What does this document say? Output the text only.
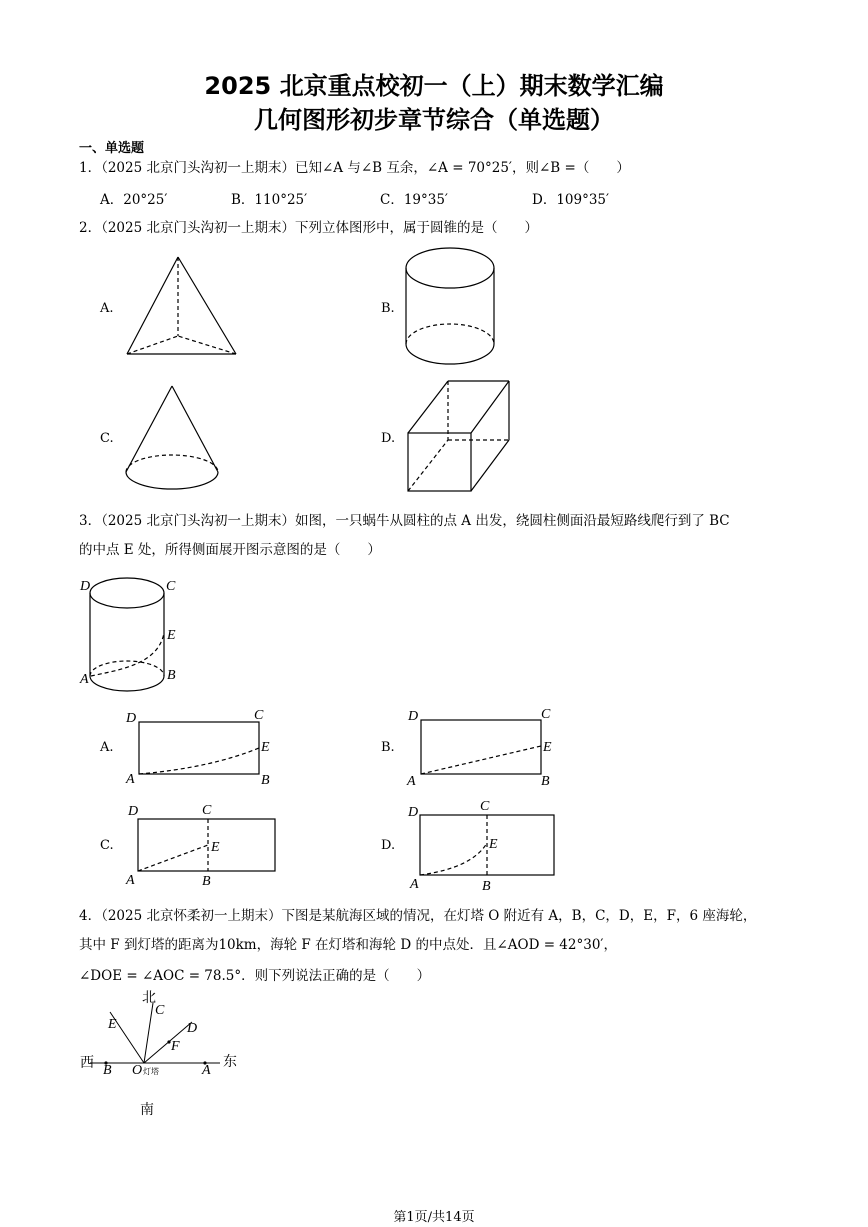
2025 北京重点校初一（上）期末数学汇编
几何图形初步章节综合（单选题）
一、单选题
1．（2025 北京门头沟初一上期末）已知∠A 与∠B 互余，∠A = 70°25′，则∠B =（　　）
A．20°25′	B．110°25′	C．19°35′	D．109°35′
2．（2025 北京门头沟初一上期末）下列立体图形中，属于圆锥的是（　　）
A.	B.
C.	D.
3．（2025 北京门头沟初一上期末）如图，一只蜗牛从圆柱的点 A 出发，绕圆柱侧面沿最短路线爬行到了 BC
的中点 E 处，所得侧面展开图示意图的是（　　）
D	C
E
A	B
A.
D	C
E
A	B
B.
D	C
E
A	B
C.
D	C
E
A	B
D.
D	C
E
A	B
4．（2025 北京怀柔初一上期末）下图是某航海区域的情况，在灯塔 O 附近有 A，B，C，D，E，F，6 座海轮，
其中 F 到灯塔的距离为10km，海轮 F 在灯塔和海轮 D 的中点处．且∠AOD = 42°30′，
∠DOE = ∠AOC = 78.5°．则下列说法正确的是（　　）
北
西	东
南
O 灯塔
B	A
C
D
E
F
第1页/共14页
